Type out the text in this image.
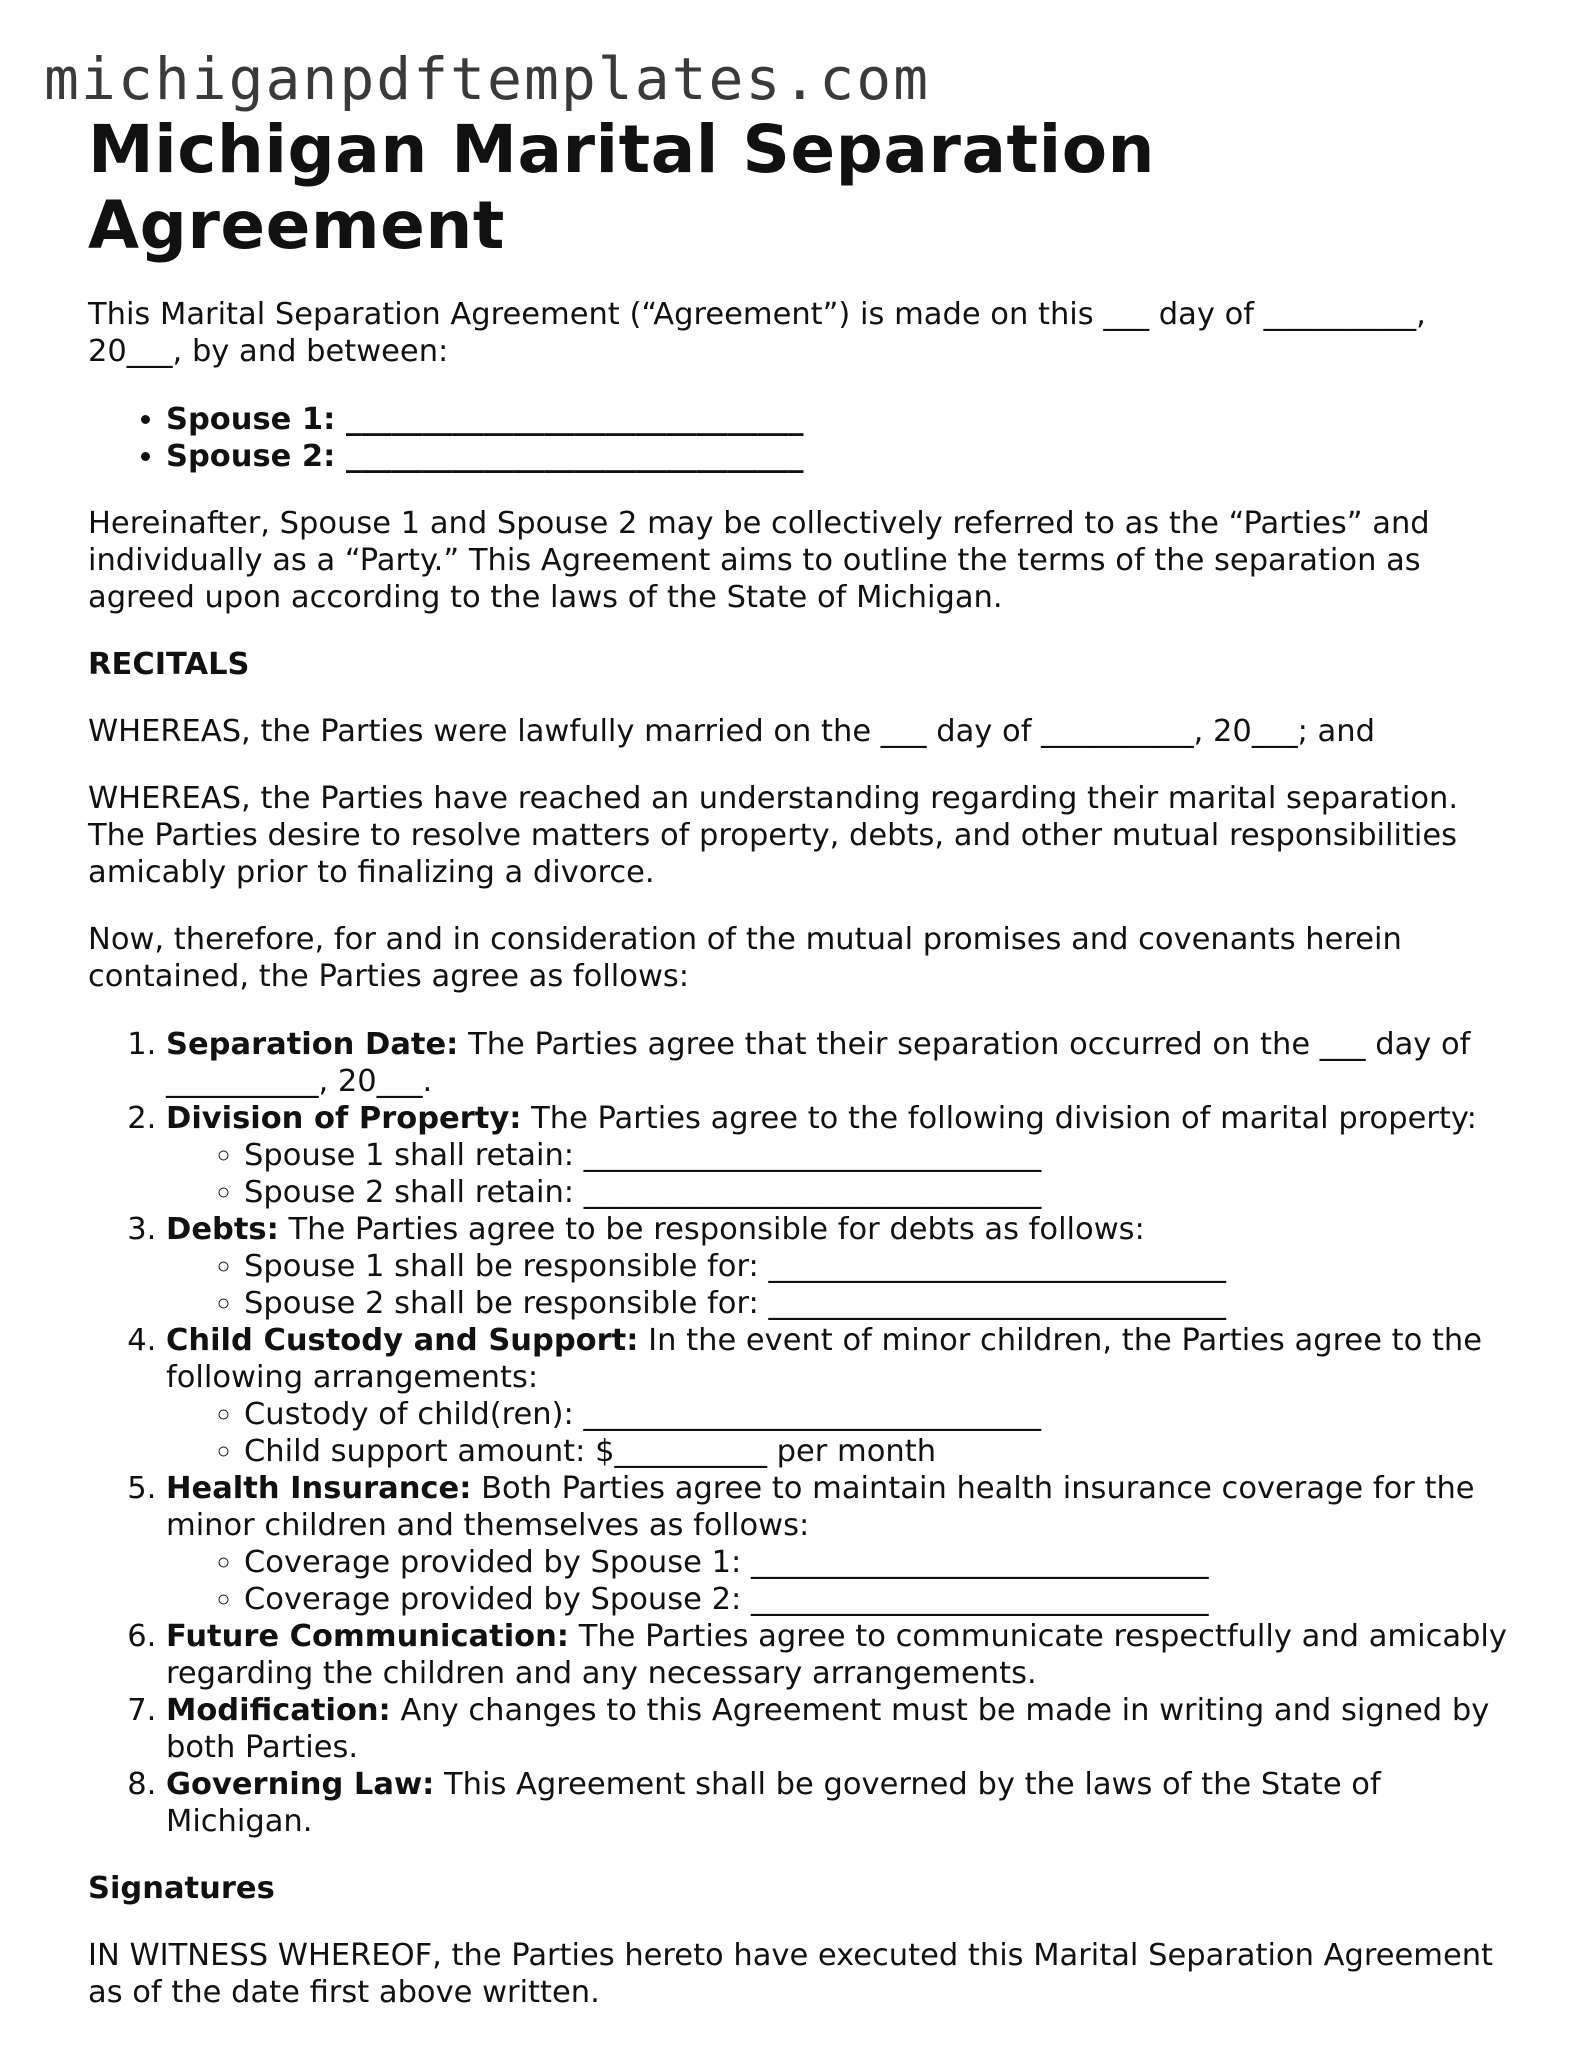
michiganpdftemplates.com
Michigan Marital Separation Agreement

This Marital Separation Agreement (“Agreement”) is made on this ___ day of __________, 20___, by and between:

• Spouse 1: ______________________________
• Spouse 2: ______________________________

Hereinafter, Spouse 1 and Spouse 2 may be collectively referred to as the “Parties” and individually as a “Party.” This Agreement aims to outline the terms of the separation as agreed upon according to the laws of the State of Michigan.

RECITALS

WHEREAS, the Parties were lawfully married on the ___ day of __________, 20___; and

WHEREAS, the Parties have reached an understanding regarding their marital separation. The Parties desire to resolve matters of property, debts, and other mutual responsibilities amicably prior to finalizing a divorce.

Now, therefore, for and in consideration of the mutual promises and covenants herein contained, the Parties agree as follows:

1. Separation Date: The Parties agree that their separation occurred on the ___ day of __________, 20___.
2. Division of Property: The Parties agree to the following division of marital property:
◦ Spouse 1 shall retain: ______________________________
◦ Spouse 2 shall retain: ______________________________
3. Debts: The Parties agree to be responsible for debts as follows:
◦ Spouse 1 shall be responsible for: ______________________________
◦ Spouse 2 shall be responsible for: ______________________________
4. Child Custody and Support: In the event of minor children, the Parties agree to the following arrangements:
◦ Custody of child(ren): ______________________________
◦ Child support amount: $__________ per month
5. Health Insurance: Both Parties agree to maintain health insurance coverage for the minor children and themselves as follows:
◦ Coverage provided by Spouse 1: ______________________________
◦ Coverage provided by Spouse 2: ______________________________
6. Future Communication: The Parties agree to communicate respectfully and amicably regarding the children and any necessary arrangements.
7. Modification: Any changes to this Agreement must be made in writing and signed by both Parties.
8. Governing Law: This Agreement shall be governed by the laws of the State of Michigan.

Signatures

IN WITNESS WHEREOF, the Parties hereto have executed this Marital Separation Agreement as of the date first above written.
